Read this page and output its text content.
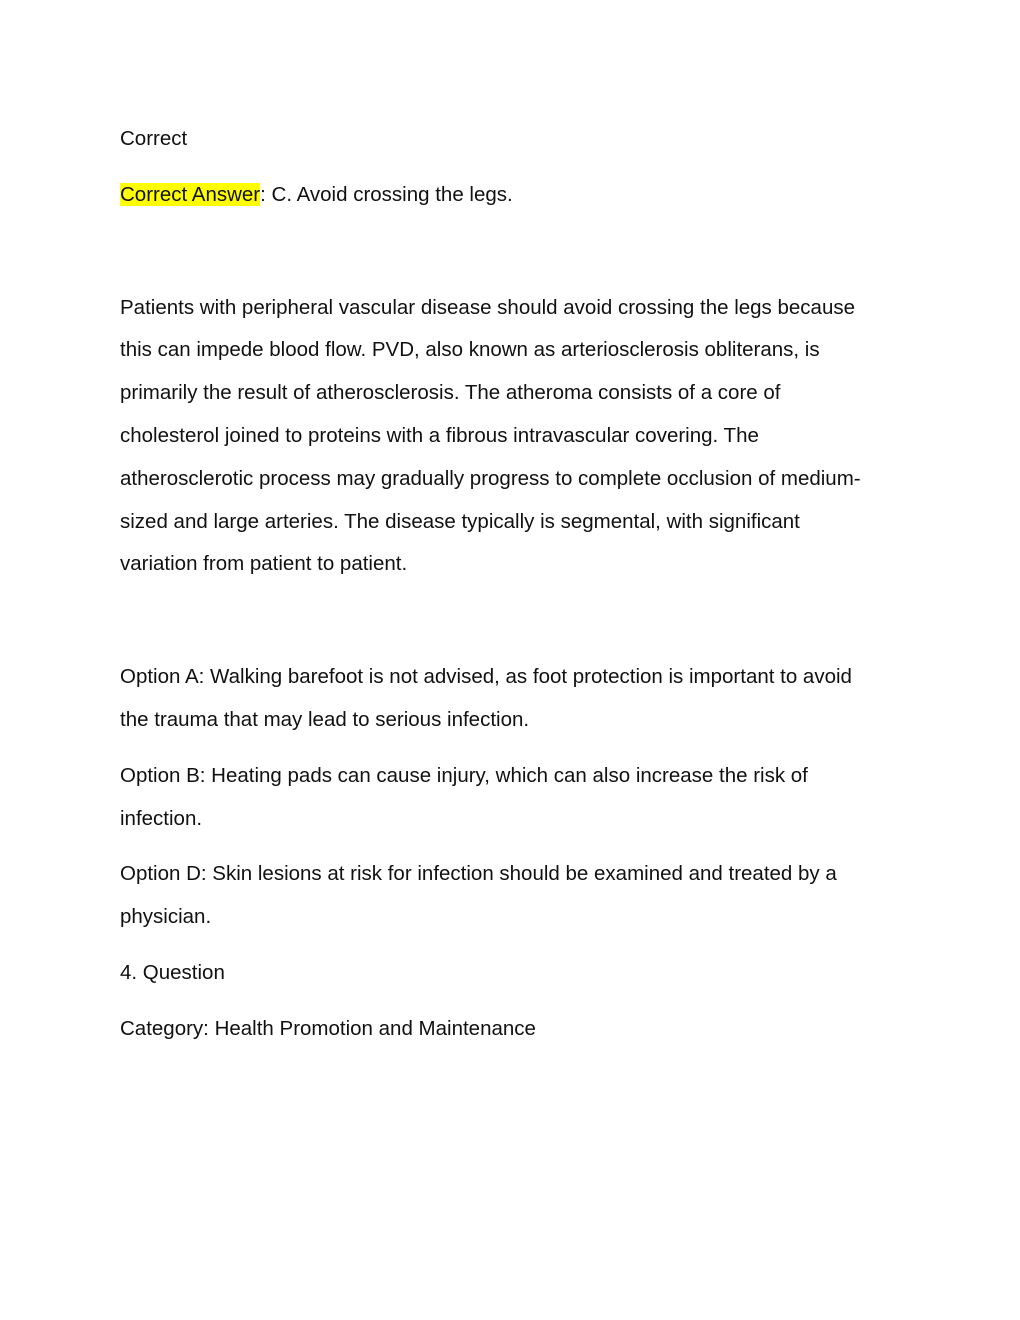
Correct

Correct Answer: C. Avoid crossing the legs.

Patients with peripheral vascular disease should avoid crossing the legs because

this can impede blood flow. PVD, also known as arteriosclerosis obliterans, is

primarily the result of atherosclerosis. The atheroma consists of a core of

cholesterol joined to proteins with a fibrous intravascular covering. The

atherosclerotic process may gradually progress to complete occlusion of medium-

sized and large arteries. The disease typically is segmental, with significant

variation from patient to patient.

Option A: Walking barefoot is not advised, as foot protection is important to avoid

the trauma that may lead to serious infection.

Option B: Heating pads can cause injury, which can also increase the risk of

infection.

Option D: Skin lesions at risk for infection should be examined and treated by a

physician.

4. Question

Category: Health Promotion and Maintenance
